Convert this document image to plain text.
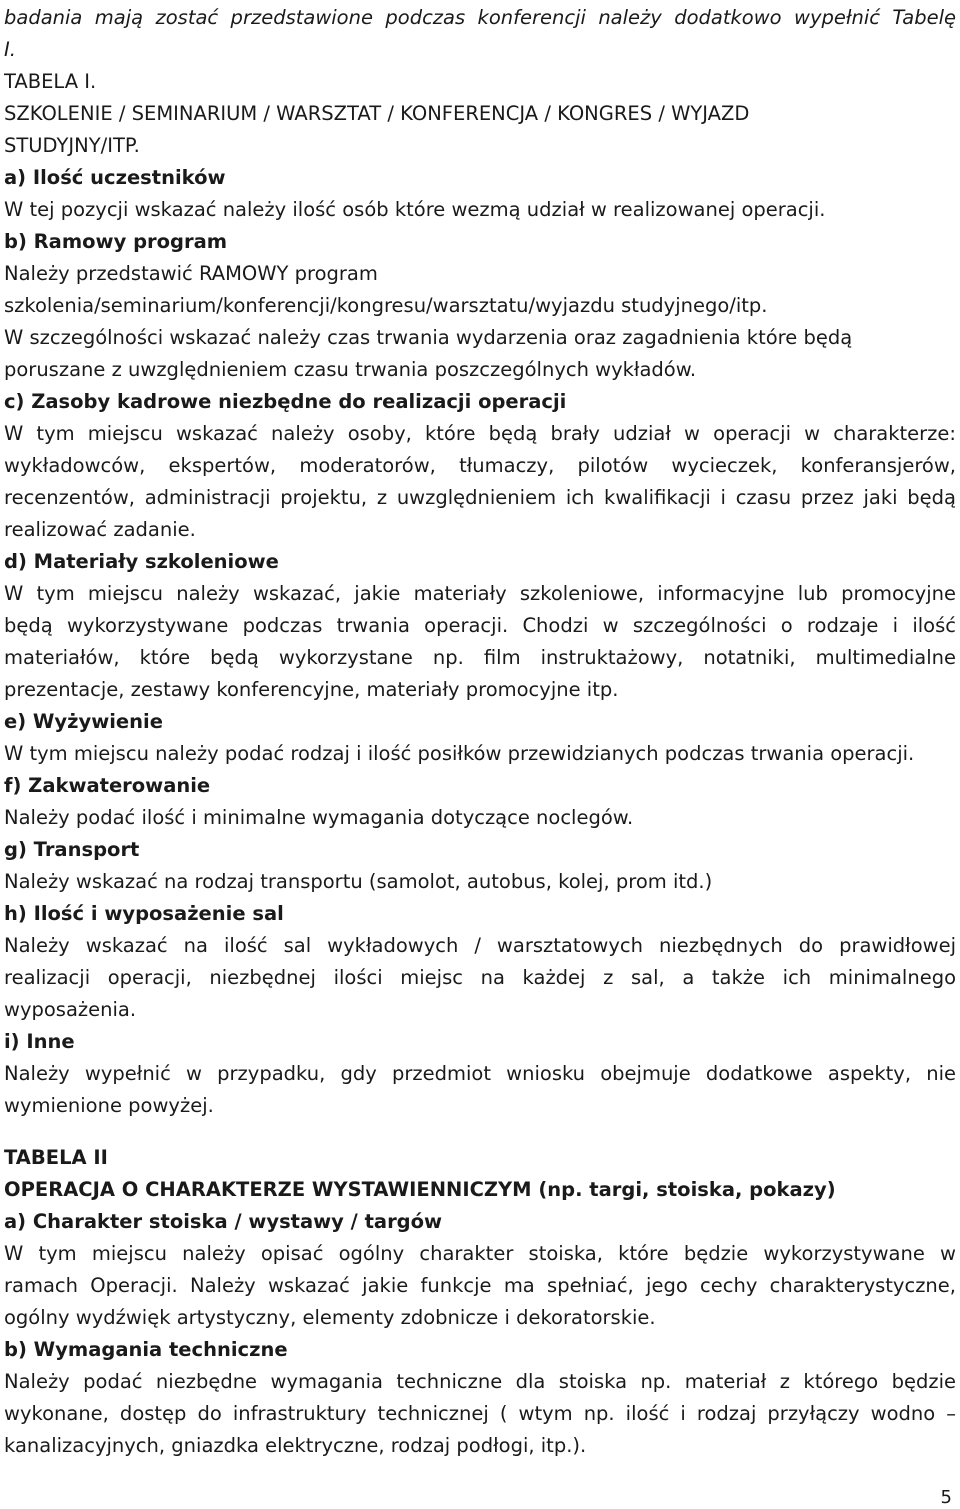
badania mają zostać przedstawione podczas konferencji należy dodatkowo wypełnić Tabelę
I.
TABELA I.
SZKOLENIE / SEMINARIUM / WARSZTAT / KONFERENCJA / KONGRES / WYJAZD
STUDYJNY/ITP.
a) Ilość uczestników
W tej pozycji wskazać należy ilość osób które wezmą udział w realizowanej operacji.
b) Ramowy program
Należy przedstawić RAMOWY program
szkolenia/seminarium/konferencji/kongresu/warsztatu/wyjazdu studyjnego/itp.
W szczególności wskazać należy czas trwania wydarzenia oraz zagadnienia które będą
poruszane z uwzględnieniem czasu trwania poszczególnych wykładów.
c) Zasoby kadrowe niezbędne do realizacji operacji
W tym miejscu wskazać należy osoby, które będą brały udział w operacji w charakterze:
wykładowców, ekspertów, moderatorów, tłumaczy, pilotów wycieczek, konferansjerów,
recenzentów, administracji projektu, z uwzględnieniem ich kwalifikacji i czasu przez jaki będą
realizować zadanie.
d) Materiały szkoleniowe
W tym miejscu należy wskazać, jakie materiały szkoleniowe, informacyjne lub promocyjne
będą wykorzystywane podczas trwania operacji. Chodzi w szczególności o rodzaje i ilość
materiałów, które będą wykorzystane np. film instruktażowy, notatniki, multimedialne
prezentacje, zestawy konferencyjne, materiały promocyjne itp.
e) Wyżywienie
W tym miejscu należy podać rodzaj i ilość posiłków przewidzianych podczas trwania operacji.
f) Zakwaterowanie
Należy podać ilość i minimalne wymagania dotyczące noclegów.
g) Transport
Należy wskazać na rodzaj transportu (samolot, autobus, kolej, prom itd.)
h) Ilość i wyposażenie sal
Należy wskazać na ilość sal wykładowych / warsztatowych niezbędnych do prawidłowej
realizacji operacji, niezbędnej ilości miejsc na każdej z sal, a także ich minimalnego
wyposażenia.
i) Inne
Należy wypełnić w przypadku, gdy przedmiot wniosku obejmuje dodatkowe aspekty, nie
wymienione powyżej.
TABELA II
OPERACJA O CHARAKTERZE WYSTAWIENNICZYM (np. targi, stoiska, pokazy)
a) Charakter stoiska / wystawy / targów
W tym miejscu należy opisać ogólny charakter stoiska, które będzie wykorzystywane w
ramach Operacji. Należy wskazać jakie funkcje ma spełniać, jego cechy charakterystyczne,
ogólny wydźwięk artystyczny, elementy zdobnicze i dekoratorskie.
b) Wymagania techniczne
Należy podać niezbędne wymagania techniczne dla stoiska np. materiał z którego będzie
wykonane, dostęp do infrastruktury technicznej ( wtym np. ilość i rodzaj przyłączy wodno –
kanalizacyjnych, gniazdka elektryczne, rodzaj podłogi, itp.).
5
